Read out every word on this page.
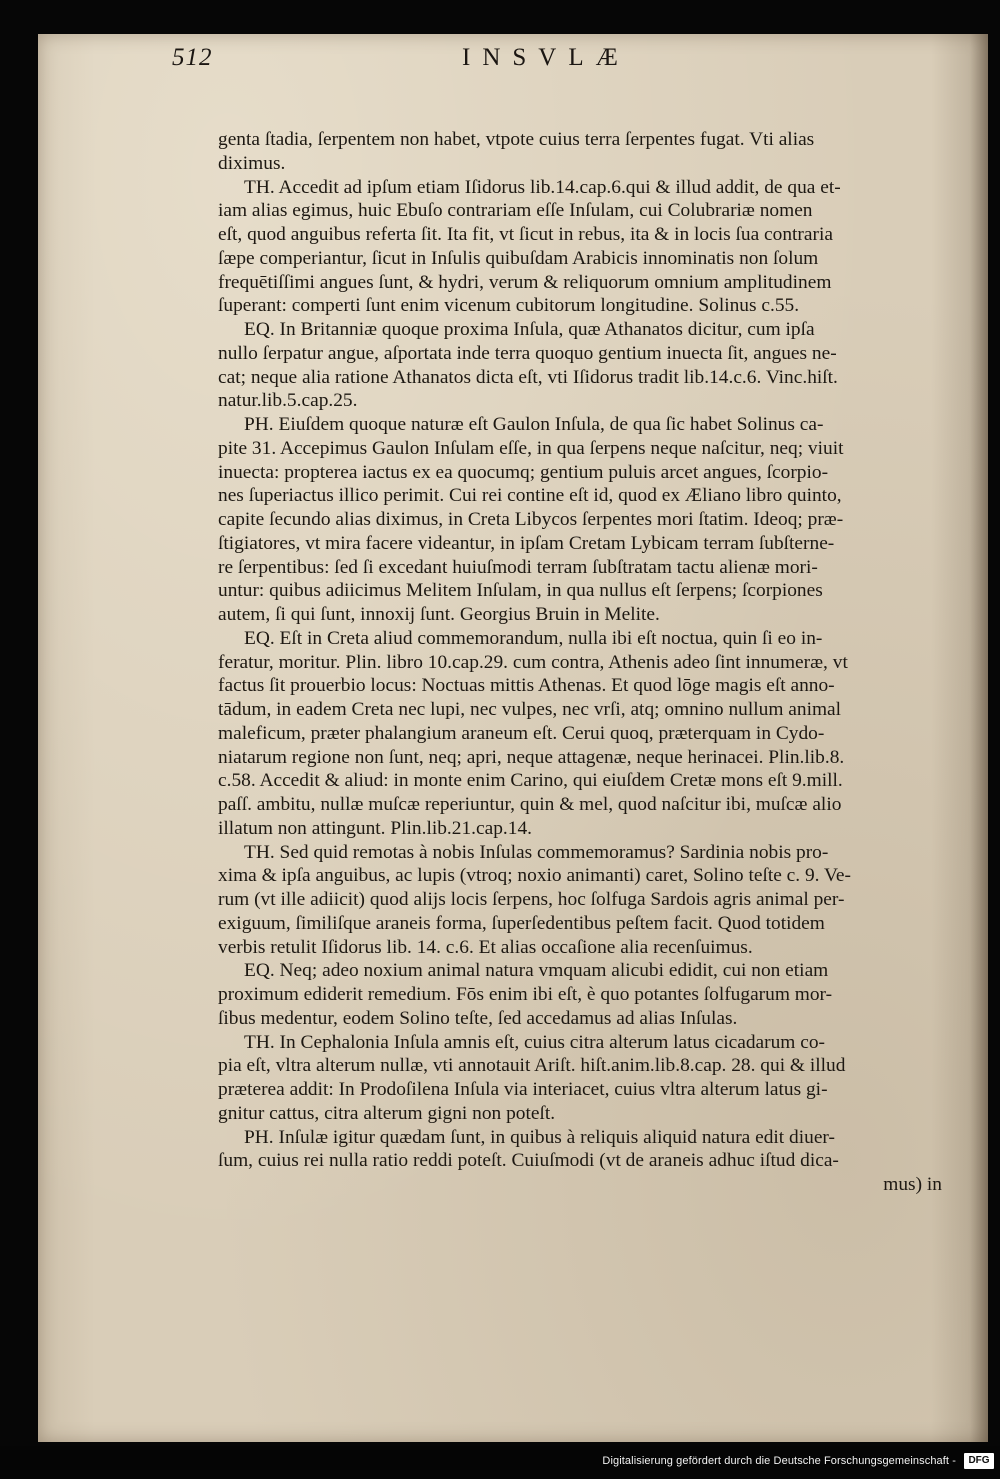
512	INSVLÆ
genta ſtadia, ſerpentem non habet, vtpote cuius terra ſerpentes fugat. Vti alias
diximus.
TH. Accedit ad ipſum etiam Iſidorus lib.14.cap.6.qui & illud addit, de qua et-
iam alias egimus, huic Ebuſo contrariam eſſe Inſulam, cui Colubrariæ nomen
eſt, quod anguibus referta ſit. Ita fit, vt ſicut in rebus, ita & in locis ſua contraria
ſæpe comperiantur, ſicut in Inſulis quibuſdam Arabicis innominatis non ſolum
frequētiſſimi angues ſunt, & hydri, verum & reliquorum omnium amplitudinem
ſuperant: comperti ſunt enim vicenum cubitorum longitudine. Solinus c.55.
EQ. In Britanniæ quoque proxima Inſula, quæ Athanatos dicitur, cum ipſa
nullo ſerpatur angue, aſportata inde terra quoquo gentium inuecta ſit, angues ne-
cat; neque alia ratione Athanatos dicta eſt, vti Iſidorus tradit lib.14.c.6. Vinc.hiſt.
natur.lib.5.cap.25.
PH. Eiuſdem quoque naturæ eſt Gaulon Inſula, de qua ſic habet Solinus ca-
pite 31. Accepimus Gaulon Inſulam eſſe, in qua ſerpens neque naſcitur, neq; viuit
inuecta: propterea iactus ex ea quocumq; gentium puluis arcet angues, ſcorpio-
nes ſuperiactus illico perimit. Cui rei contine eſt id, quod ex Æliano libro quinto,
capite ſecundo alias diximus, in Creta Libycos ſerpentes mori ſtatim. Ideoq; præ-
ſtigiatores, vt mira facere videantur, in ipſam Cretam Lybicam terram ſubſterne-
re ſerpentibus: ſed ſi excedant huiuſmodi terram ſubſtratam tactu alienæ mori-
untur: quibus adiicimus Melitem Inſulam, in qua nullus eſt ſerpens; ſcorpiones
autem, ſi qui ſunt, innoxij ſunt. Georgius Bruin in Melite.
EQ. Eſt in Creta aliud commemorandum, nulla ibi eſt noctua, quin ſi eo in-
feratur, moritur. Plin. libro 10.cap.29. cum contra, Athenis adeo ſint innumeræ, vt
factus ſit prouerbio locus: Noctuas mittis Athenas. Et quod lōge magis eſt anno-
tādum, in eadem Creta nec lupi, nec vulpes, nec vrſi, atq; omnino nullum animal
maleficum, præter phalangium araneum eſt. Cerui quoq, præterquam in Cydo-
niatarum regione non ſunt, neq; apri, neque attagenæ, neque herinacei. Plin.lib.8.
c.58. Accedit & aliud: in monte enim Carino, qui eiuſdem Cretæ mons eſt 9.mill.
paſſ. ambitu, nullæ muſcæ reperiuntur, quin & mel, quod naſcitur ibi, muſcæ alio
illatum non attingunt. Plin.lib.21.cap.14.
TH. Sed quid remotas à nobis Inſulas commemoramus? Sardinia nobis pro-
xima & ipſa anguibus, ac lupis (vtroq; noxio animanti) caret, Solino teſte c. 9. Ve-
rum (vt ille adiicit) quod alijs locis ſerpens, hoc ſolfuga Sardois agris animal per-
exiguum, ſimiliſque araneis forma, ſuperſedentibus peſtem facit. Quod totidem
verbis retulit Iſidorus lib. 14. c.6. Et alias occaſione alia recenſuimus.
EQ. Neq; adeo noxium animal natura vmquam alicubi edidit, cui non etiam
proximum ediderit remedium. Fōs enim ibi eſt, è quo potantes ſolfugarum mor-
ſibus medentur, eodem Solino teſte, ſed accedamus ad alias Inſulas.
TH. In Cephalonia Inſula amnis eſt, cuius citra alterum latus cicadarum co-
pia eſt, vltra alterum nullæ, vti annotauit Ariſt. hiſt.anim.lib.8.cap. 28. qui & illud
præterea addit: In Prodoſilena Inſula via interiacet, cuius vltra alterum latus gi-
gnitur cattus, citra alterum gigni non poteſt.
PH. Inſulæ igitur quædam ſunt, in quibus à reliquis aliquid natura edit diuer-
ſum, cuius rei nulla ratio reddi poteſt. Cuiuſmodi (vt de araneis adhuc iſtud dica-
mus) in
Digitalisierung gefördert durch die Deutsche Forschungsgemeinschaft -	DFG
